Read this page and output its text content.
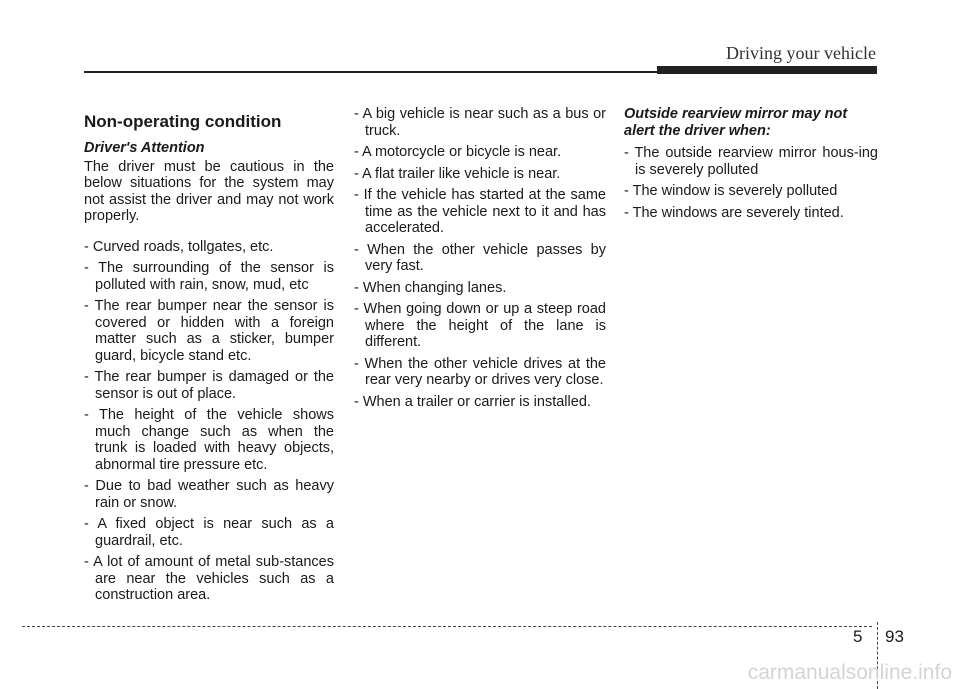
Driving your vehicle
Non-operating condition
Driver's Attention
The driver must be cautious in the below situations for the system may not assist the driver and may not work properly.
- Curved roads, tollgates, etc.
- The surrounding of the sensor is polluted with rain, snow, mud, etc
- The rear bumper near the sensor is covered or hidden with a foreign matter such as a sticker, bumper guard, bicycle stand etc.
- The rear bumper is damaged or the sensor is out of place.
- The height of the vehicle shows much change such as when the trunk is loaded with heavy objects, abnormal tire pressure etc.
- Due to bad weather such as heavy rain or snow.
- A fixed object is near such as a guardrail, etc.
- A lot of amount of metal sub-stances are near the vehicles such as a construction area.
- A big vehicle is near such as a bus or truck.
- A motorcycle or bicycle is near.
- A flat trailer like vehicle is near.
- If the vehicle has started at the same time as the vehicle next to it and has accelerated.
- When the other vehicle passes by very fast.
- When changing lanes.
- When going down or up a steep road where the height of the lane is different.
- When the other vehicle drives at the rear very nearby or drives very close.
- When a trailer or carrier is installed.
Outside rearview mirror may not alert the driver when:
- The outside rearview mirror hous-ing is severely polluted
- The window is severely polluted
- The windows are severely tinted.
5 93
carmanualsonline.info
